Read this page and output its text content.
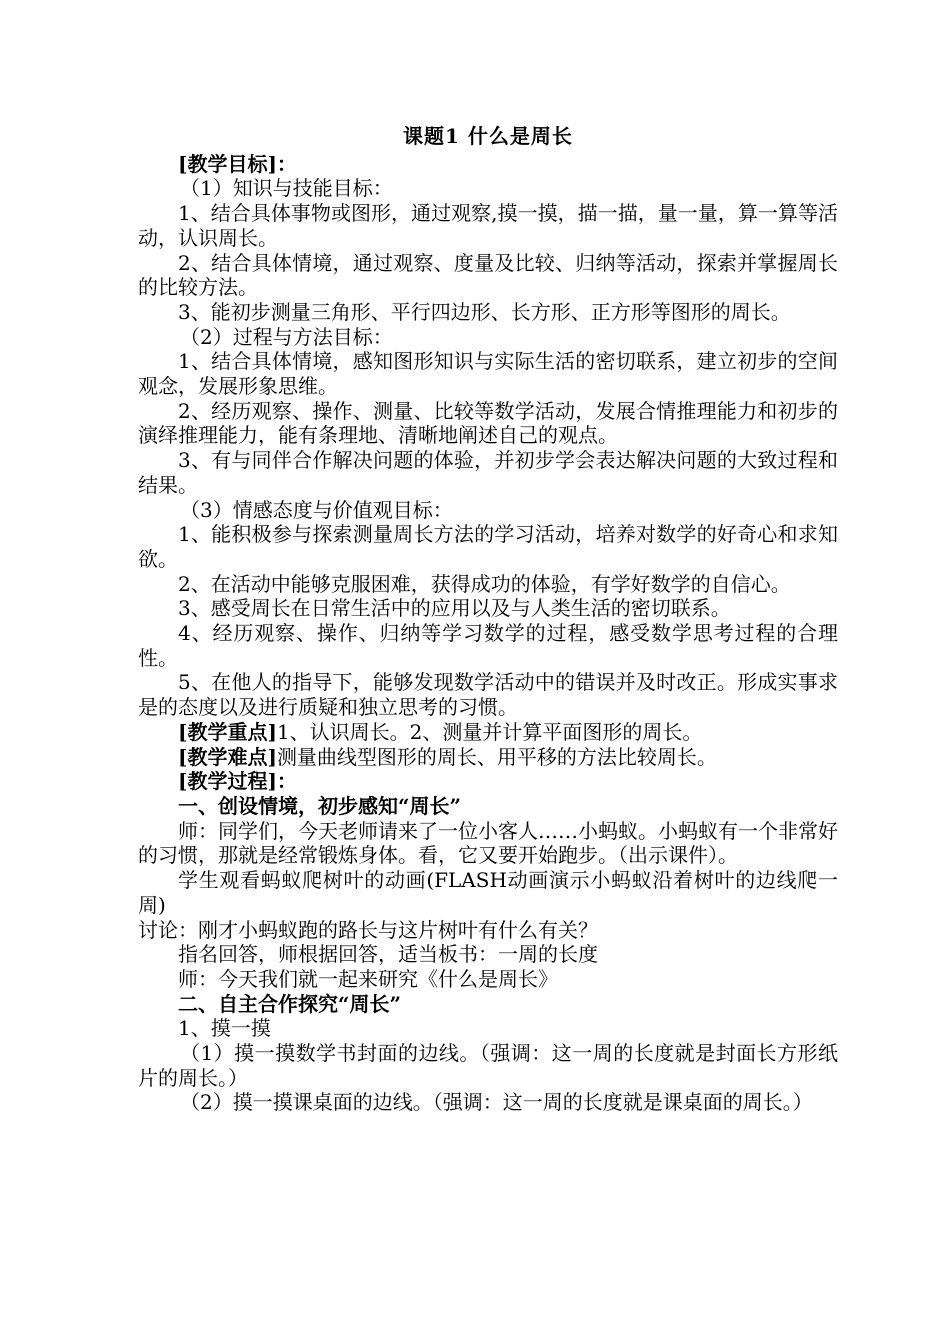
课题1 什么是周长

[教学目标]：

（1）知识与技能目标：

1、结合具体事物或图形，通过观察,摸一摸，描一描，量一量，算一算等活动，认识周长。

2、结合具体情境，通过观察、度量及比较、归纳等活动，探索并掌握周长的比较方法。

3、能初步测量三角形、平行四边形、长方形、正方形等图形的周长。

（2）过程与方法目标：

1、结合具体情境，感知图形知识与实际生活的密切联系，建立初步的空间观念，发展形象思维。

2、经历观察、操作、测量、比较等数学活动，发展合情推理能力和初步的演绎推理能力，能有条理地、清晰地阐述自己的观点。

3、有与同伴合作解决问题的体验，并初步学会表达解决问题的大致过程和结果。

（3）情感态度与价值观目标：

1、能积极参与探索测量周长方法的学习活动，培养对数学的好奇心和求知欲。

2、在活动中能够克服困难，获得成功的体验，有学好数学的自信心。

3、感受周长在日常生活中的应用以及与人类生活的密切联系。

4、经历观察、操作、归纳等学习数学的过程，感受数学思考过程的合理性。

5、在他人的指导下，能够发现数学活动中的错误并及时改正。形成实事求是的态度以及进行质疑和独立思考的习惯。

[教学重点]1、认识周长。2、测量并计算平面图形的周长。

[教学难点]测量曲线型图形的周长、用平移的方法比较周长。

[教学过程]：

一、创设情境，初步感知“周长”

师：同学们，今天老师请来了一位小客人……小蚂蚁。小蚂蚁有一个非常好的习惯，那就是经常锻炼身体。看，它又要开始跑步。（出示课件）。

学生观看蚂蚁爬树叶的动画(FLASH动画演示小蚂蚁沿着树叶的边线爬一周)

讨论：刚才小蚂蚁跑的路长与这片树叶有什么有关？

指名回答，师根据回答，适当板书：一周的长度

师：今天我们就一起来研究《什么是周长》

二、自主合作探究“周长”

1、摸一摸

（1）摸一摸数学书封面的边线。（强调：这一周的长度就是封面长方形纸片的周长。）

（2）摸一摸课桌面的边线。（强调：这一周的长度就是课桌面的周长。）
